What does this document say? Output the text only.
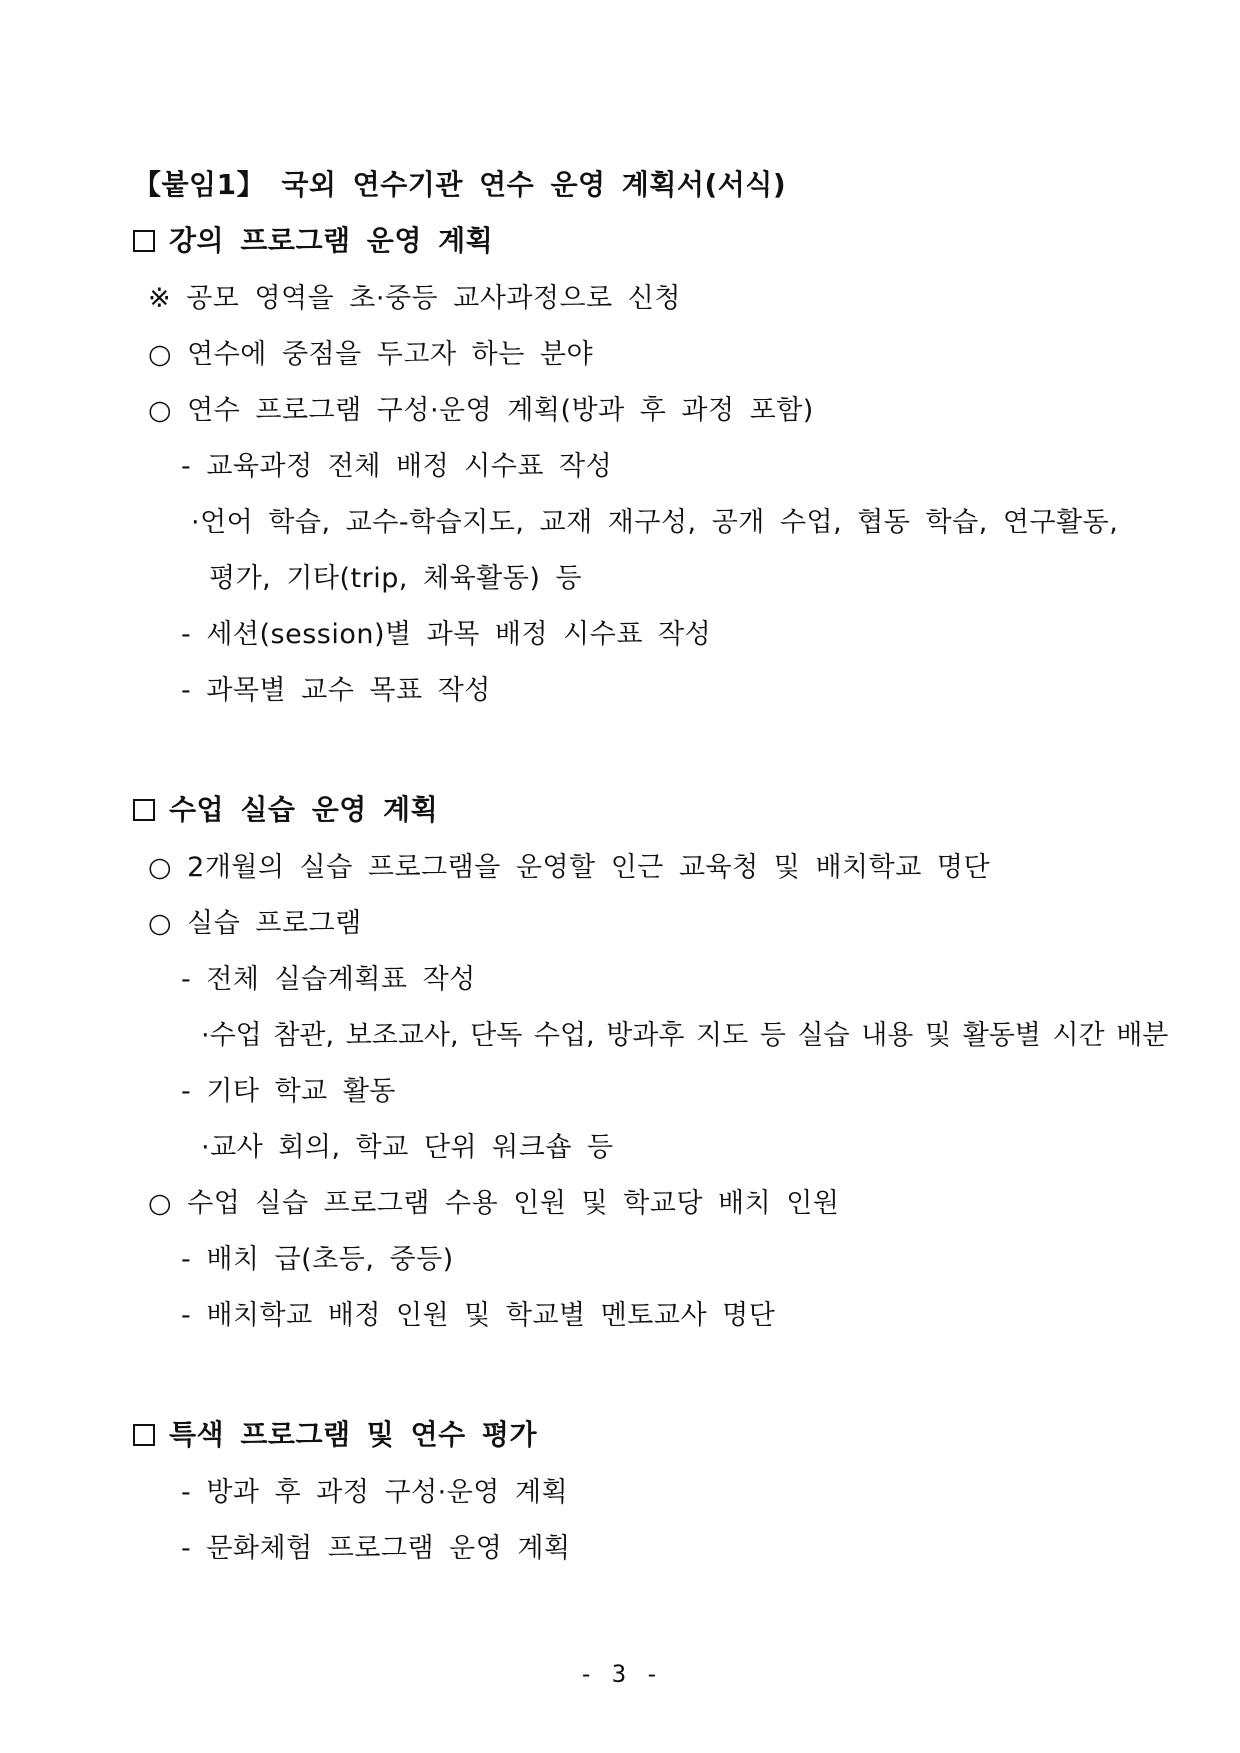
【붙임1】 국외 연수기관 연수 운영 계획서(서식)
강의 프로그램 운영 계획
※ 공모 영역을 초·중등 교사과정으로 신청
○ 연수에 중점을 두고자 하는 분야
○ 연수 프로그램 구성·운영 계획(방과 후 과정 포함)
- 교육과정 전체 배정 시수표 작성
·언어 학습, 교수-학습지도, 교재 재구성, 공개 수업, 협동 학습, 연구활동,
평가, 기타(trip, 체육활동) 등
- 세션(session)별 과목 배정 시수표 작성
- 과목별 교수 목표 작성
수업 실습 운영 계획
○ 2개월의 실습 프로그램을 운영할 인근 교육청 및 배치학교 명단
○ 실습 프로그램
- 전체 실습계획표 작성
·수업 참관, 보조교사, 단독 수업, 방과후 지도 등 실습 내용 및 활동별 시간 배분
- 기타 학교 활동
·교사 회의, 학교 단위 워크숍 등
○ 수업 실습 프로그램 수용 인원 및 학교당 배치 인원
- 배치 급(초등, 중등)
- 배치학교 배정 인원 및 학교별 멘토교사 명단
특색 프로그램 및 연수 평가
- 방과 후 과정 구성·운영 계획
- 문화체험 프로그램 운영 계획
- 3 -
